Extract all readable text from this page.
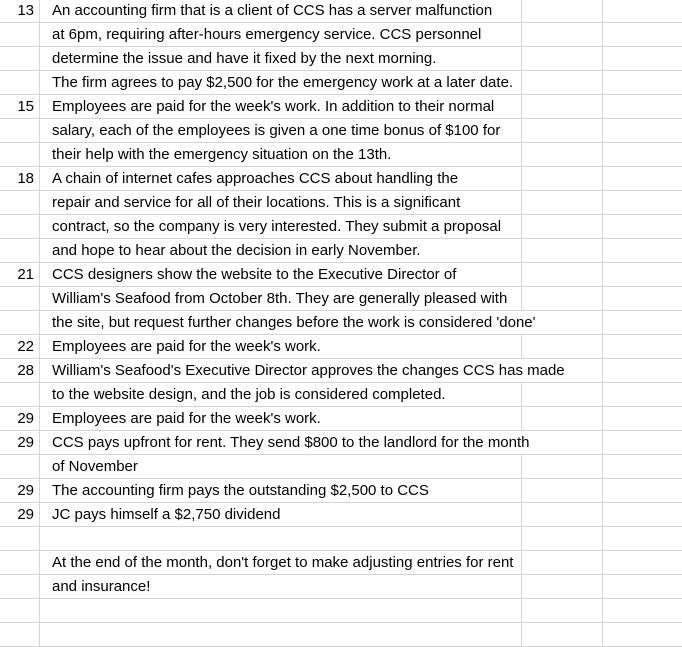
13	An accounting firm that is a client of CCS has a server malfunction
at 6pm, requiring after-hours emergency service. CCS personnel
determine the issue and have it fixed by the next morning.
The firm agrees to pay $2,500 for the emergency work at a later date.
15	Employees are paid for the week's work. In addition to their normal
salary, each of the employees is given a one time bonus of $100 for
their help with the emergency situation on the 13th.
18	A chain of internet cafes approaches CCS about handling the
repair and service for all of their locations. This is a significant
contract, so the company is very interested. They submit a proposal
and hope to hear about the decision in early November.
21	CCS designers show the website to the Executive Director of
William's Seafood from October 8th. They are generally pleased with
the site, but request further changes before the work is considered 'done'
22	Employees are paid for the week's work.
28	William's Seafood's Executive Director approves the changes CCS has made
to the website design, and the job is considered completed.
29	Employees are paid for the week's work.
29	CCS pays upfront for rent. They send $800 to the landlord for the month
of November
29	The accounting firm pays the outstanding $2,500 to CCS
29	JC pays himself a $2,750 dividend
At the end of the month, don't forget to make adjusting entries for rent
and insurance!
